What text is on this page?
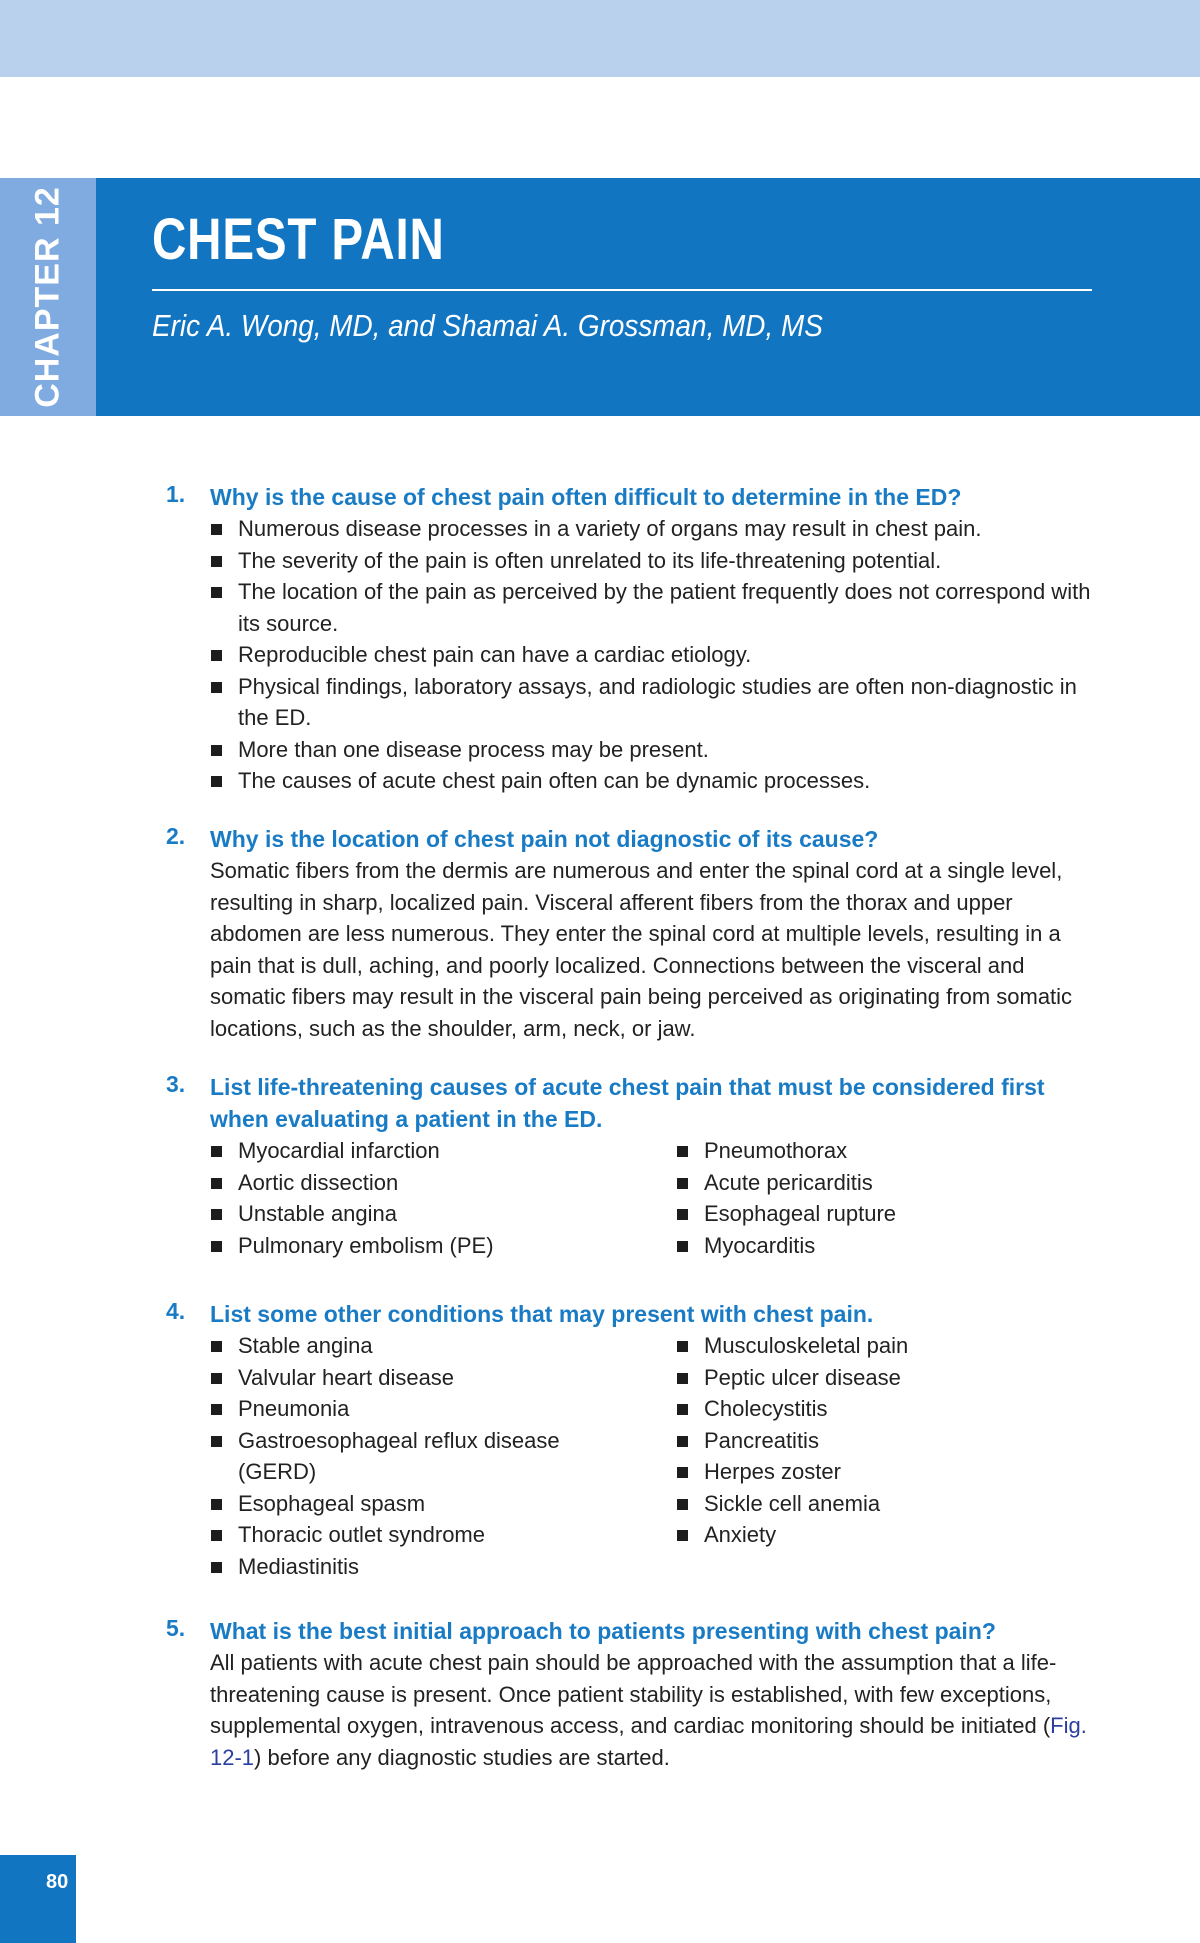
CHAPTER 12 CHEST PAIN
Eric A. Wong, MD, and Shamai A. Grossman, MD, MS
1. Why is the cause of chest pain often difficult to determine in the ED?
Numerous disease processes in a variety of organs may result in chest pain.
The severity of the pain is often unrelated to its life-threatening potential.
The location of the pain as perceived by the patient frequently does not correspond with its source.
Reproducible chest pain can have a cardiac etiology.
Physical findings, laboratory assays, and radiologic studies are often non-diagnostic in the ED.
More than one disease process may be present.
The causes of acute chest pain often can be dynamic processes.
2. Why is the location of chest pain not diagnostic of its cause?
Somatic fibers from the dermis are numerous and enter the spinal cord at a single level, resulting in sharp, localized pain. Visceral afferent fibers from the thorax and upper abdomen are less numerous. They enter the spinal cord at multiple levels, resulting in a pain that is dull, aching, and poorly localized. Connections between the visceral and somatic fibers may result in the visceral pain being perceived as originating from somatic locations, such as the shoulder, arm, neck, or jaw.
3. List life-threatening causes of acute chest pain that must be considered first when evaluating a patient in the ED.
Myocardial infarction
Aortic dissection
Unstable angina
Pulmonary embolism (PE)
Pneumothorax
Acute pericarditis
Esophageal rupture
Myocarditis
4. List some other conditions that may present with chest pain.
Stable angina
Valvular heart disease
Pneumonia
Gastroesophageal reflux disease (GERD)
Esophageal spasm
Thoracic outlet syndrome
Mediastinitis
Musculoskeletal pain
Peptic ulcer disease
Cholecystitis
Pancreatitis
Herpes zoster
Sickle cell anemia
Anxiety
5. What is the best initial approach to patients presenting with chest pain?
All patients with acute chest pain should be approached with the assumption that a life-threatening cause is present. Once patient stability is established, with few exceptions, supplemental oxygen, intravenous access, and cardiac monitoring should be initiated (Fig. 12-1) before any diagnostic studies are started.
80
